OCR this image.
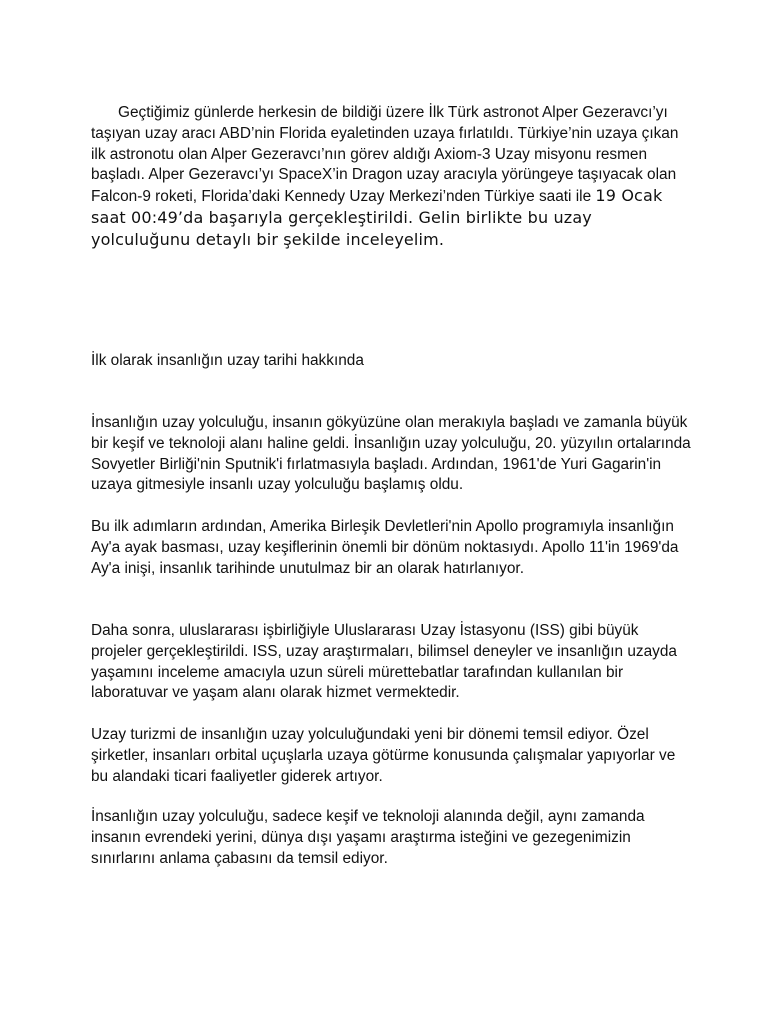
Geçtiğimiz günlerde herkesin de bildiği üzere İlk Türk astronot Alper Gezeravcı’yı taşıyan uzay aracı ABD’nin Florida eyaletinden uzaya fırlatıldı. Türkiye’nin uzaya çıkan ilk astronotu olan Alper Gezeravcı’nın görev aldığı Axiom-3 Uzay misyonu resmen başladı. Alper Gezeravcı’yı SpaceX’in Dragon uzay aracıyla yörüngeye taşıyacak olan Falcon-9 roketi, Florida’daki Kennedy Uzay Merkezi’nden Türkiye saati ile 19 Ocak saat 00:49’da başarıyla gerçekleştirildi. Gelin birlikte bu uzay yolculuğunu detaylı bir şekilde inceleyelim.

İlk olarak insanlığın uzay tarihi hakkında

İnsanlığın uzay yolculuğu, insanın gökyüzüne olan merakıyla başladı ve zamanla büyük bir keşif ve teknoloji alanı haline geldi. İnsanlığın uzay yolculuğu, 20. yüzyılın ortalarında Sovyetler Birliği'nin Sputnik'i fırlatmasıyla başladı. Ardından, 1961'de Yuri Gagarin'in uzaya gitmesiyle insanlı uzay yolculuğu başlamış oldu.

Bu ilk adımların ardından, Amerika Birleşik Devletleri'nin Apollo programıyla insanlığın Ay'a ayak basması, uzay keşiflerinin önemli bir dönüm noktasıydı. Apollo 11'in 1969'da Ay'a inişi, insanlık tarihinde unutulmaz bir an olarak hatırlanıyor.

Daha sonra, uluslararası işbirliğiyle Uluslararası Uzay İstasyonu (ISS) gibi büyük projeler gerçekleştirildi. ISS, uzay araştırmaları, bilimsel deneyler ve insanlığın uzayda yaşamını inceleme amacıyla uzun süreli mürettebatlar tarafından kullanılan bir laboratuvar ve yaşam alanı olarak hizmet vermektedir.

Uzay turizmi de insanlığın uzay yolculuğundaki yeni bir dönemi temsil ediyor. Özel şirketler, insanları orbital uçuşlarla uzaya götürme konusunda çalışmalar yapıyorlar ve bu alandaki ticari faaliyetler giderek artıyor.

İnsanlığın uzay yolculuğu, sadece keşif ve teknoloji alanında değil, aynı zamanda insanın evrendeki yerini, dünya dışı yaşamı araştırma isteğini ve gezegenimizin sınırlarını anlama çabasını da temsil ediyor.
